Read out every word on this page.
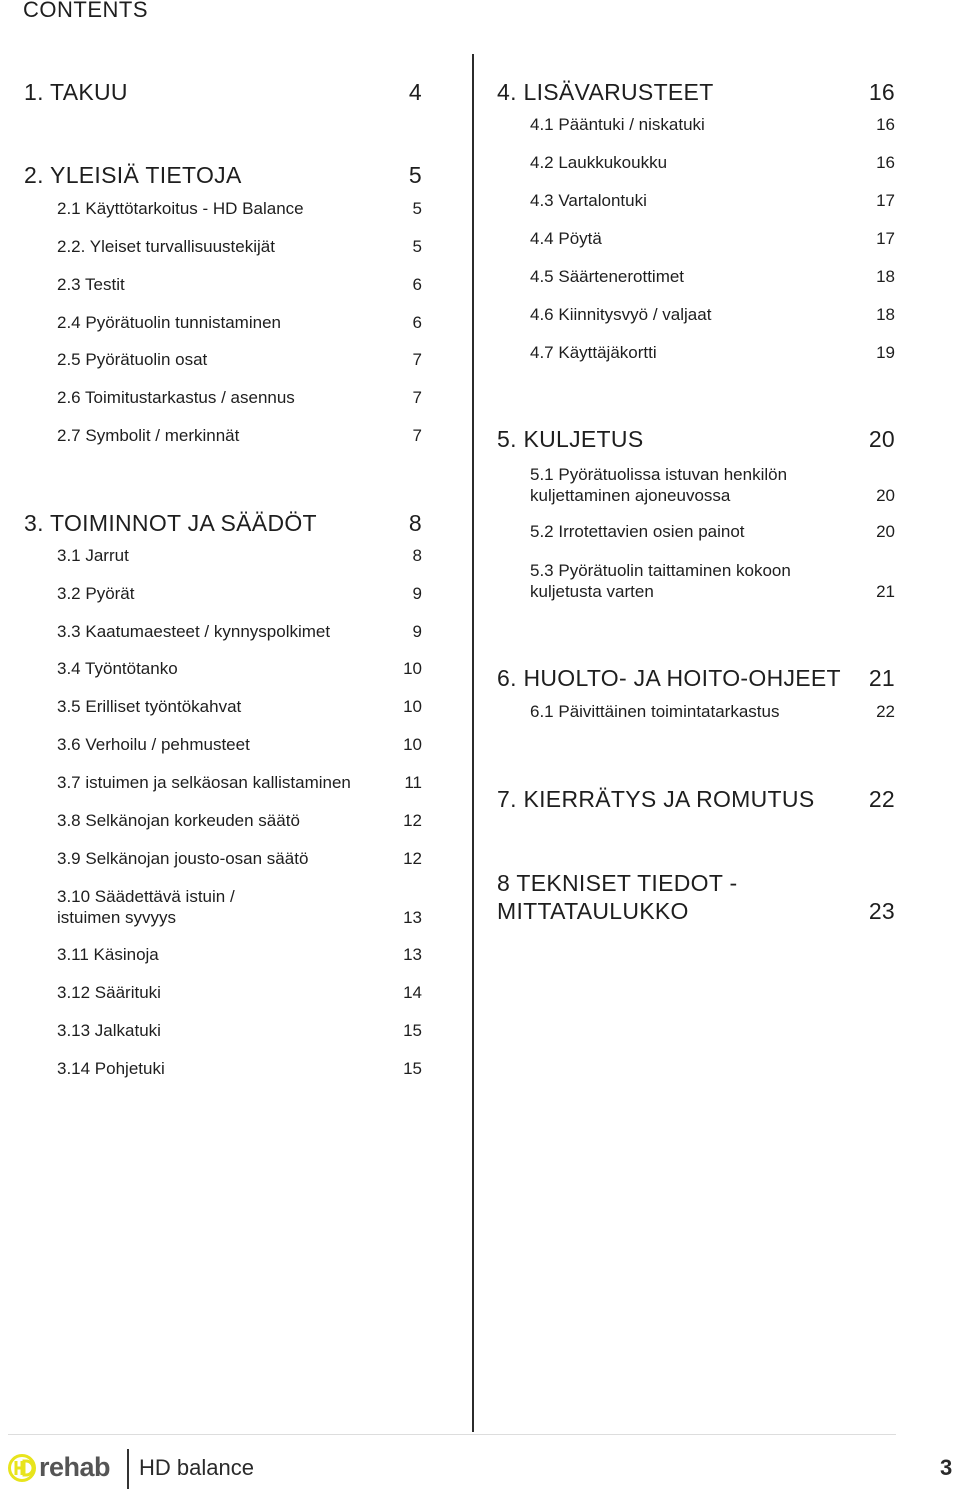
CONTENTS
1. TAKUU	4
2. YLEISIÄ TIETOJA	5
2.1 Käyttötarkoitus - HD Balance	5
2.2. Yleiset turvallisuustekijät	5
2.3 Testit	6
2.4 Pyörätuolin tunnistaminen	6
2.5 Pyörätuolin osat	7
2.6 Toimitustarkastus / asennus	7
2.7 Symbolit / merkinnät	7
3. TOIMINNOT JA SÄÄDÖT	8
3.1 Jarrut	8
3.2 Pyörät	9
3.3 Kaatumaesteet / kynnyspolkimet	9
3.4 Työntötanko	10
3.5 Erilliset työntökahvat	10
3.6 Verhoilu / pehmusteet	10
3.7 istuimen ja selkäosan kallistaminen	11
3.8 Selkänojan korkeuden säätö	12
3.9 Selkänojan jousto-osan säätö	12
3.10 Säädettävä istuin /
istuimen syvyys	13
3.11 Käsinoja	13
3.12 Säärituki	14
3.13 Jalkatuki	15
3.14 Pohjetuki	15
4. LISÄVARUSTEET	16
4.1 Pääntuki / niskatuki	16
4.2 Laukkukoukku	16
4.3 Vartalontuki	17
4.4 Pöytä	17
4.5 Säärtenerottimet	18
4.6 Kiinnitysvyö / valjaat	18
4.7 Käyttäjäkortti	19
5. KULJETUS	20
5.1 Pyörätuolissa istuvan henkilön
kuljettaminen ajoneuvossa	20
5.2 Irrotettavien osien painot	20
5.3 Pyörätuolin taittaminen kokoon
kuljetusta varten	21
6. HUOLTO- JA HOITO-OHJEET	21
6.1 Päivittäinen toimintatarkastus	22
7. KIERRÄTYS JA ROMUTUS	22
8 TEKNISET TIEDOT -
MITTATAULUKKO	23
rehab HD balance	3
